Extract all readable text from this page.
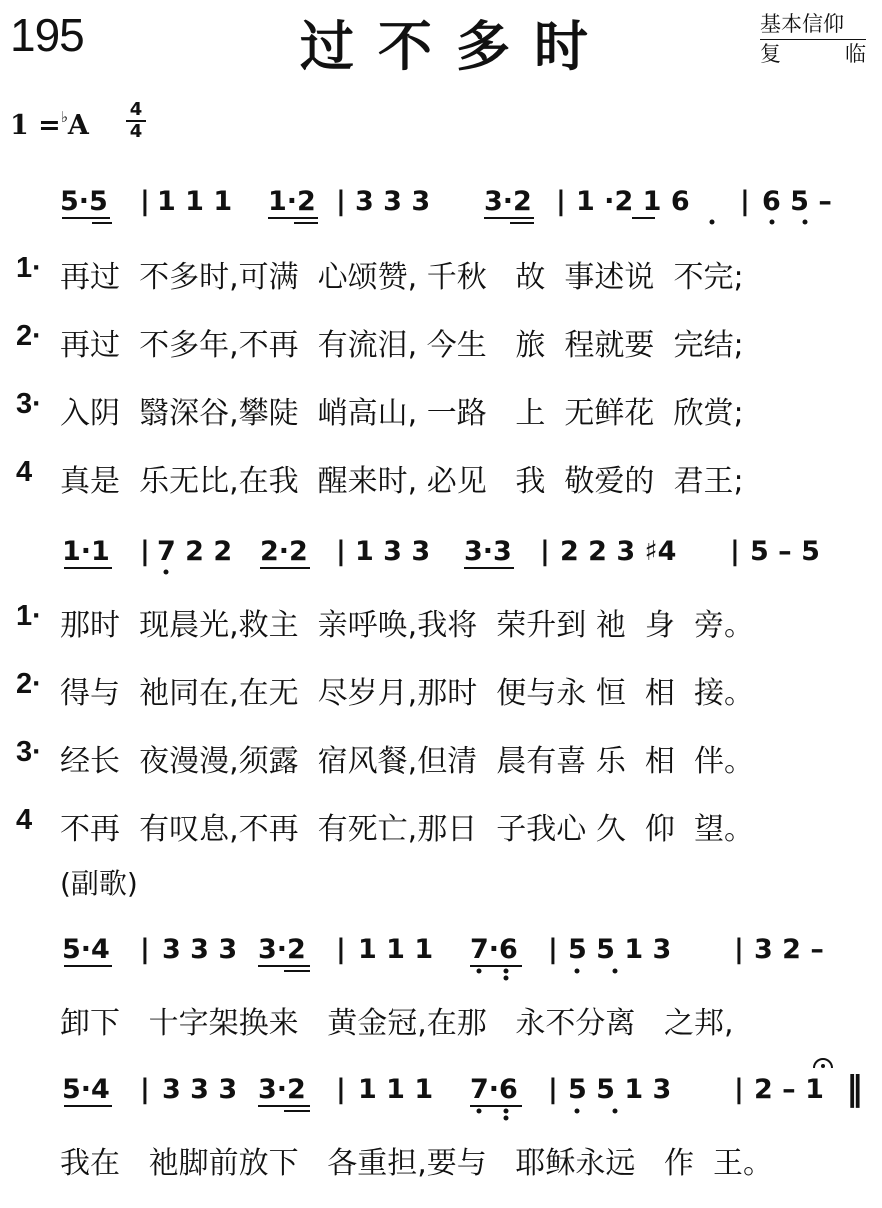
195	过不多时	基本信仰
复	临
1 =♭A
4
4
5·5 | 1 1 1 1·2 | 3 3 3 3·2 | 1 ·2 1 6 | 6 5 –

1·

再过  不多时,可满  心颂赞, 千秋   故  事述说  不完;

2·

再过  不多年,不再  有流泪, 今生   旅  程就要  完结;

3·

入阴  翳深谷,攀陡  峭高山, 一路   上  无鲜花  欣赏;

4

真是  乐无比,在我  醒来时, 必见   我  敬爱的  君王;

1·1 | 7 2 2 2·2 | 1 3 3 3·3 | 2 2 3 ♯4 | 5 – 5

1·

那时  现晨光,救主  亲呼唤,我将  荣升到 祂  身  旁。

2·

得与  祂同在,在无  尽岁月,那时  便与永 恒  相  接。

3·

经长  夜漫漫,须露  宿风餐,但清  晨有喜 乐  相  伴。

4

不再  有叹息,不再  有死亡,那日  子我心 久  仰  望。

(副歌)
5·4 | 3 3 3 3·2 | 1 1 1 7·6 | 5 5 1 3 | 3 2 –

卸下   十字架换来   黄金冠,在那   永不分离   之邦,

5·4 | 3 3 3 3·2 | 1 1 1 7·6 | 5 5 1 3 | 2 – 1 ‖

我在   祂脚前放下   各重担,要与   耶稣永远   作  王。
